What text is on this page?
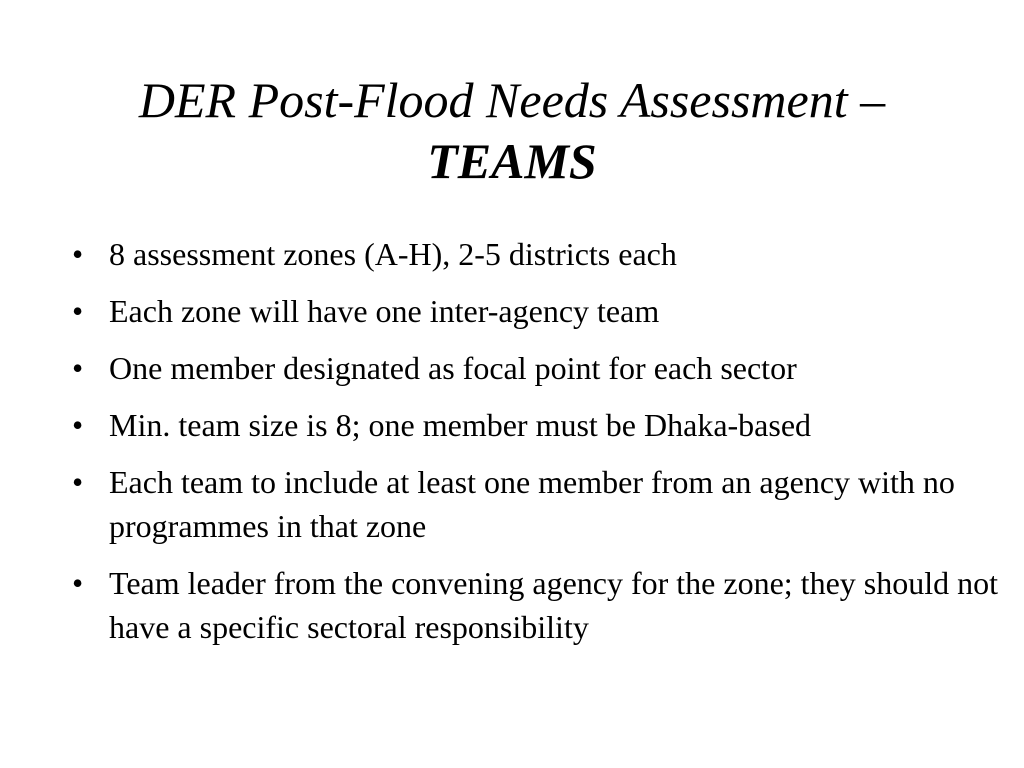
DER Post-Flood Needs Assessment –
TEAMS
• 8 assessment zones (A-H), 2-5 districts each
• Each zone will have one inter-agency team
• One member designated as focal point for each sector
• Min. team size is 8; one member must be Dhaka-based
• Each team to include at least one member from an agency with no programmes in that zone
• Team leader from the convening agency for the zone; they should not have a specific sectoral responsibility
